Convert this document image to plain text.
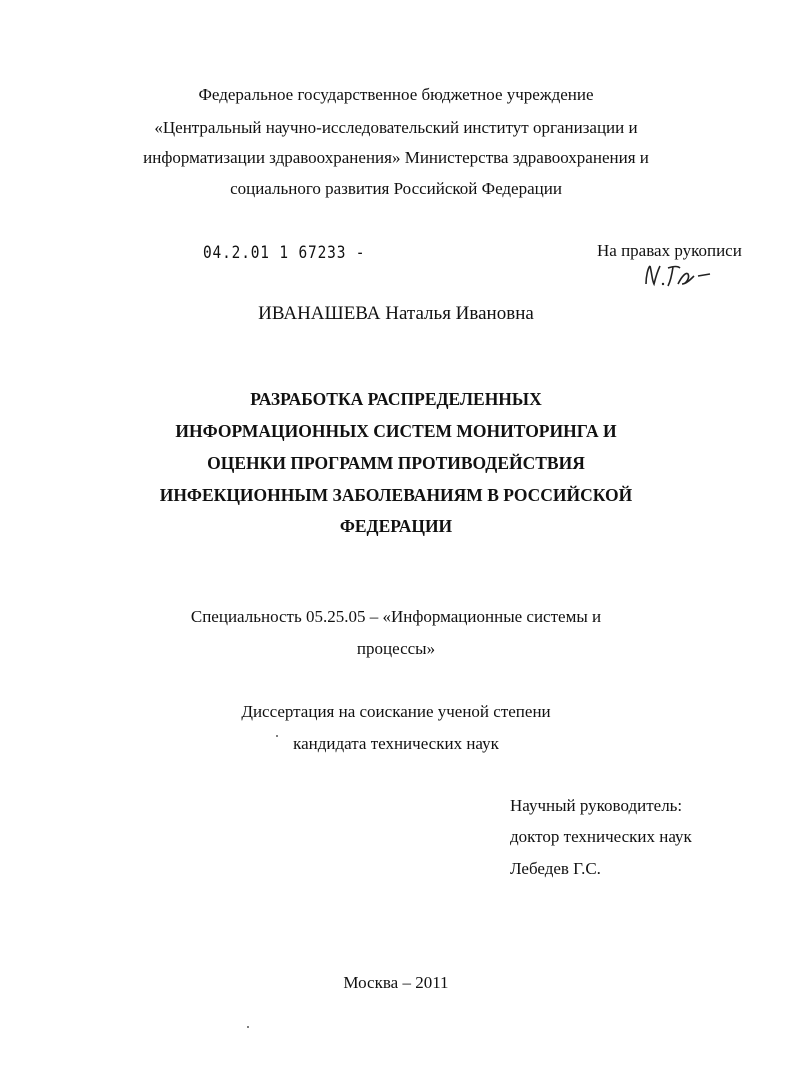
Федеральное государственное бюджетное учреждение
«Центральный научно-исследовательский институт организации и
информатизации здравоохранения» Министерства здравоохранения и
социального развития Российской Федерации
04.2.01 1 67233 -	На правах рукописи
ИВАНАШЕВА Наталья Ивановна
РАЗРАБОТКА РАСПРЕДЕЛЕННЫХ
ИНФОРМАЦИОННЫХ СИСТЕМ МОНИТОРИНГА И
ОЦЕНКИ ПРОГРАММ ПРОТИВОДЕЙСТВИЯ
ИНФЕКЦИОННЫМ ЗАБОЛЕВАНИЯМ В РОССИЙСКОЙ
ФЕДЕРАЦИИ
Специальность 05.25.05 – «Информационные системы и
процессы»
Диссертация на соискание ученой степени
кандидата технических наук
Научный руководитель:
доктор технических наук
Лебедев Г.С.
Москва – 2011
